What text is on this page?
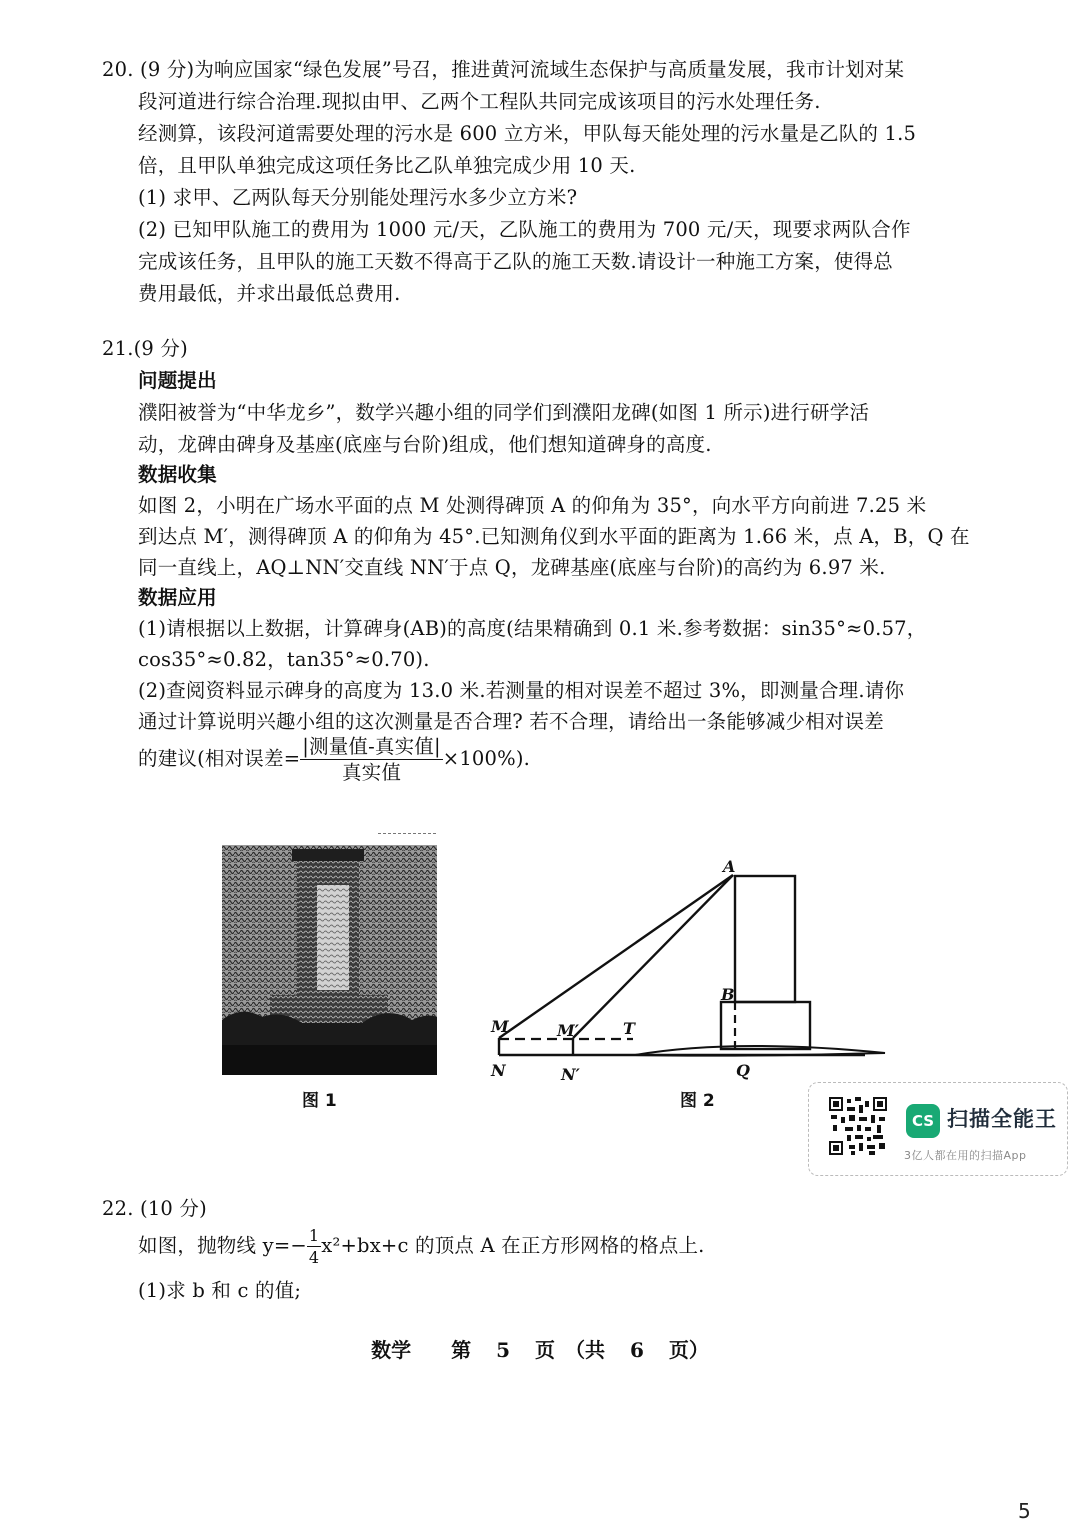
20. (9 分)为响应国家“绿色发展”号召，推进黄河流域生态保护与高质量发展，我市计划对某
段河道进行综合治理.现拟由甲、乙两个工程队共同完成该项目的污水处理任务.
经测算，该段河道需要处理的污水是 600 立方米，甲队每天能处理的污水量是乙队的 1.5
倍，且甲队单独完成这项任务比乙队单独完成少用 10 天.
(1) 求甲、乙两队每天分别能处理污水多少立方米?
(2) 已知甲队施工的费用为 1000 元/天，乙队施工的费用为 700 元/天，现要求两队合作
完成该任务，且甲队的施工天数不得高于乙队的施工天数.请设计一种施工方案，使得总
费用最低，并求出最低总费用.
21.(9 分)
问题提出
濮阳被誉为“中华龙乡”，数学兴趣小组的同学们到濮阳龙碑(如图 1 所示)进行研学活
动，龙碑由碑身及基座(底座与台阶)组成，他们想知道碑身的高度.
数据收集
如图 2，小明在广场水平面的点 M 处测得碑顶 A 的仰角为 35°，向水平方向前进 7.25 米
到达点 M′，测得碑顶 A 的仰角为 45°.已知测角仪到水平面的距离为 1.66 米，点 A，B，Q 在
同一直线上，AQ⊥NN′交直线 NN′于点 Q，龙碑基座(底座与台阶)的高约为 6.97 米.
数据应用
(1)请根据以上数据，计算碑身(AB)的高度(结果精确到 0.1 米.参考数据：sin35°≈0.57，
cos35°≈0.82，tan35°≈0.70).
(2)查阅资料显示碑身的高度为 13.0 米.若测量的相对误差不超过 3%，即测量合理.请你
通过计算说明兴趣小组的这次测量是否合理? 若不合理，请给出一条能够减少相对误差
的建议(相对误差= $\frac{\text{|测量值-真实值|}}{\text{真实值}} \times 100\%$).
图 1
A
B
Q
M	M′	T
N	N′
图 2
22. (10 分)
如图，抛物线 $y=- \frac{1}{4} x^2+bx+c$ 的顶点 A 在正方形网格的格点上.
(1)求 b 和 c 的值;
数学　　第 5 页　（共 6 页）
CS 扫描全能王
3亿人都在用的扫描App
5
